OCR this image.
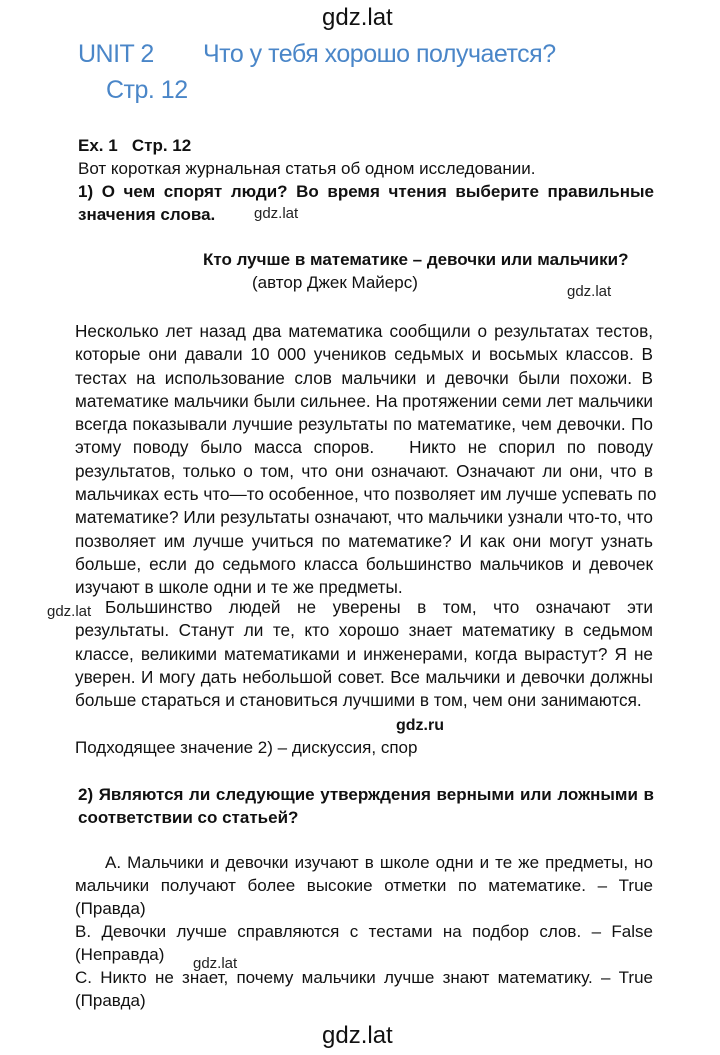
gdz.lat
UNIT 2 Что у тебя хорошо получается?
Стр. 12
Ex. 1   Стр. 12
Вот короткая журнальная статья об одном исследовании.
1) О чем спорят люди? Во время чтения выберите правильные
значения слова.	gdz.lat
Кто лучше в математике – девочки или мальчики?
(автор Джек Майерс)	gdz.lat
Несколько лет назад два математика сообщили о результатах тестов,
которые они давали 10 000 учеников седьмых и восьмых классов. В
тестах на использование слов мальчики и девочки были похожи. В
математике мальчики были сильнее. На протяжении семи лет мальчики
всегда показывали лучшие результаты по математике, чем девочки. По
этому поводу было масса споров.   Никто не спорил по поводу
результатов, только о том, что они означают. Означают ли они, что в
мальчиках есть что—то особенное, что позволяет им лучше успевать по
математике? Или результаты означают, что мальчики узнали что-то, что
позволяет им лучше учиться по математике? И как они могут узнать
больше, если до седьмого класса большинство мальчиков и девочек
изучают в школе одни и те же предметы.
gdz.lat Большинство людей не уверены в том, что означают эти
результаты. Станут ли те, кто хорошо знает математику в седьмом
классе, великими математиками и инженерами, когда вырастут? Я не
уверен. И могу дать небольшой совет. Все мальчики и девочки должны
больше стараться и становиться лучшими в том, чем они занимаются.
gdz.ru
Подходящее значение 2) – дискуссия, спор
2) Являются ли следующие утверждения верными или ложными в
соответствии со статьей?
А. Мальчики и девочки изучают в школе одни и те же предметы, но
мальчики получают более высокие отметки по математике. – True
(Правда)
В. Девочки лучше справляются с тестами на подбор слов. – False
(Неправда) gdz.lat
С. Никто не знает, почему мальчики лучше знают математику. – True
(Правда)
gdz.lat
